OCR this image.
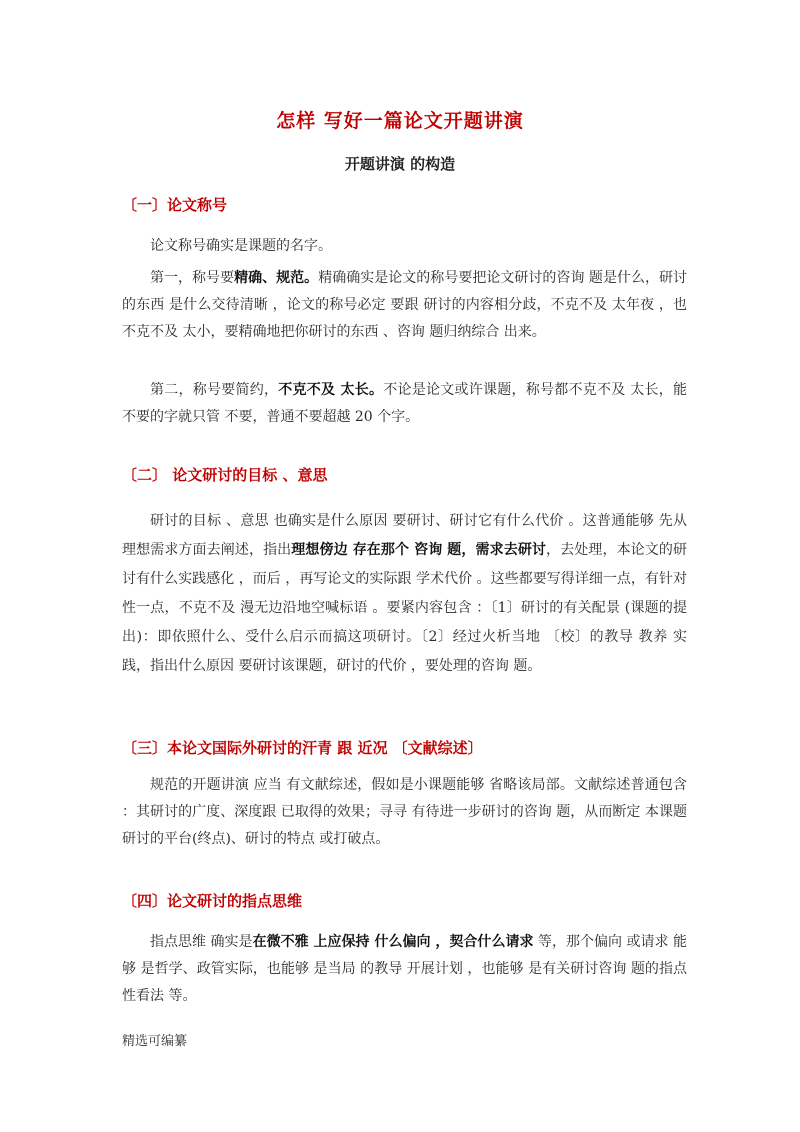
怎样 写好一篇论文开题讲演
开题讲演 的构造
〔一〕论文称号

论文称号确实是课题的名字。

第一，称号要精确、规范。精确确实是论文的称号要把论文研讨的咨询 题是什么，研讨的东西 是什么交待清晰 ，论文的称号必定 要跟 研讨的内容相分歧，不克不及 太年夜 ，也不克不及 太小，要精确地把你研讨的东西 、咨询 题归纳综合 出来。

第二，称号要简约，不克不及 太长。不论是论文或许课题，称号都不克不及 太长，能不要的字就只管 不要，普通不要超越 20 个字。

〔二〕 论文研讨的目标 、意思

研讨的目标 、意思 也确实是什么原因 要研讨、研讨它有什么代价 。这普通能够 先从理想需求方面去阐述，指出理想傍边 存在那个 咨询 题，需求去研讨，去处理，本论文的研讨有什么实践感化 ，而后 ，再写论文的实际跟 学术代价 。这些都要写得详细一点，有针对性一点，不克不及 漫无边沿地空喊标语 。要紧内容包含 ：〔1〕研讨的有关配景 (课题的提出)：即依照什么、受什么启示而搞这项研讨。〔2〕经过火析当地 〔校〕的教导 教养 实践，指出什么原因 要研讨该课题，研讨的代价 ，要处理的咨询 题。

〔三〕本论文国际外研讨的汗青 跟 近况 〔文献综述〕

规范的开题讲演 应当 有文献综述，假如是小课题能够 省略该局部。文献综述普通包含 ：其研讨的广度、深度跟 已取得的效果；寻寻 有待进一步研讨的咨询 题，从而断定 本课题研讨的平台(终点)、研讨的特点 或打破点。

〔四〕论文研讨的指点思维

指点思维 确实是在微不雅 上应保持 什么偏向 ，契合什么请求 等，那个偏向 或请求 能够 是哲学、政管实际，也能够 是当局 的教导 开展计划 ，也能够 是有关研讨咨询 题的指点性看法 等。

精选可编纂
